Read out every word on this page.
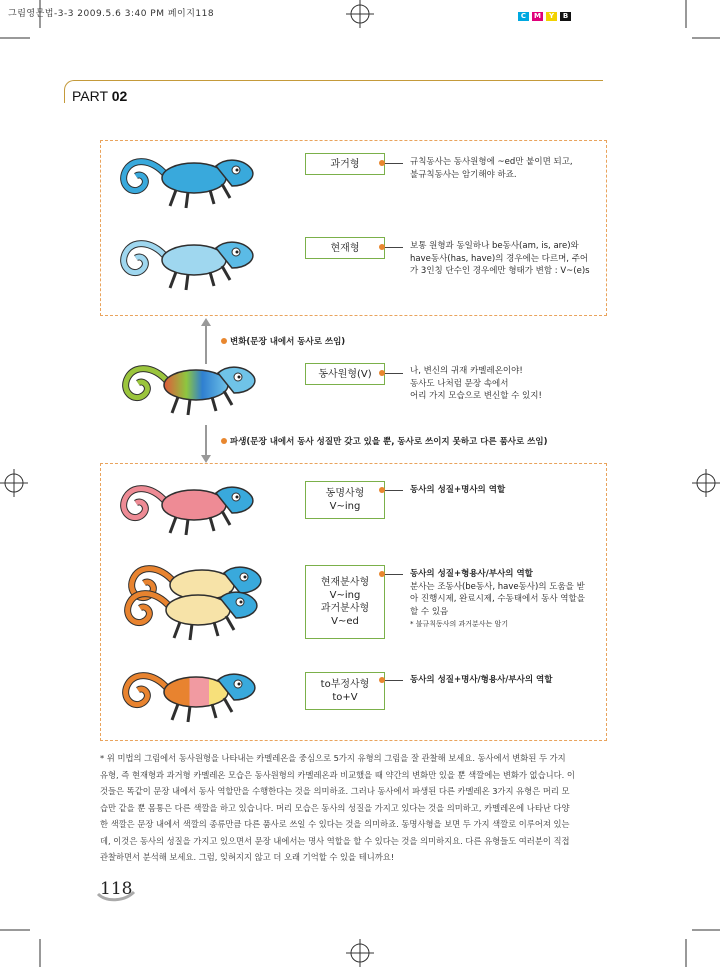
그림영문법-3-3 2009.5.6 3:40 PM 페이지118	C	M	Y	B
PART 02
과거형	규칙동사는 동사원형에 ~ed만 붙이면 되고,
불규칙동사는 암기해야 하죠.
현재형	보통 원형과 동일하나 be동사(am, is, are)와
have동사(has, have)의 경우에는 다르며, 주어
가 3인칭 단수인 경우에만 형태가 변함 : V~(e)s
변화(문장 내에서 동사로 쓰임)
동사원형(V)	나, 변신의 귀재 카멜레온이야!
동사도 나처럼 문장 속에서
어리 가지 모습으로 변신할 수 있지!
파생(문장 내에서 동사 성질만 갖고 있을 뿐, 동사로 쓰이지 못하고 다른 품사로 쓰임)
동명사형
V~ing
동사의 성질+명사의 역할
현재분사형
V~ing
과거분사형
V~ed
동사의 성질+형용사/부사의 역할
분사는 조동사(be동사, have동사)의 도움을 받
아 진행시제, 완료시제, 수동태에서 동사 역할을
할 수 있음
* 불규칙동사의 과거분사는 암기
to부정사형
to+V
동사의 성질+명사/형용사/부사의 역할
* 위 미법의 그림에서 동사원형을 나타내는 카멜레온을 중심으로 5가지 유형의 그림을 잘 관찰해 보세요. 동사에서 변화된 두 가지
유형, 즉 현재형과 과거형 카멜레온 모습은 동사원형의 카멜레온과 비교했을 때 약간의 변화만 있을 뿐 색깔에는 변화가 없습니다. 이
것들은 똑같이 문장 내에서 동사 역할만을 수행한다는 것을 의미하죠. 그러나 동사에서 파생된 다른 카멜레온 3가지 유형은 머리 모
습만 같을 뿐 몸통은 다른 색깔을 하고 있습니다. 머리 모습은 동사의 성질을 가지고 있다는 것을 의미하고, 카멜레온에 나타난 다양
한 색깔은 문장 내에서 색깔의 종류만큼 다른 품사로 쓰일 수 있다는 것을 의미하죠. 동명사형을 보면 두 가지 색깔로 이루어져 있는
데, 이것은 동사의 성질을 가지고 있으면서 문장 내에서는 명사 역할을 할 수 있다는 것을 의미하지요. 다른 유형들도 여러분이 직접
관찰하면서 분석해 보세요. 그럼, 잊혀지지 않고 더 오래 기억할 수 있을 테니까요!
118
